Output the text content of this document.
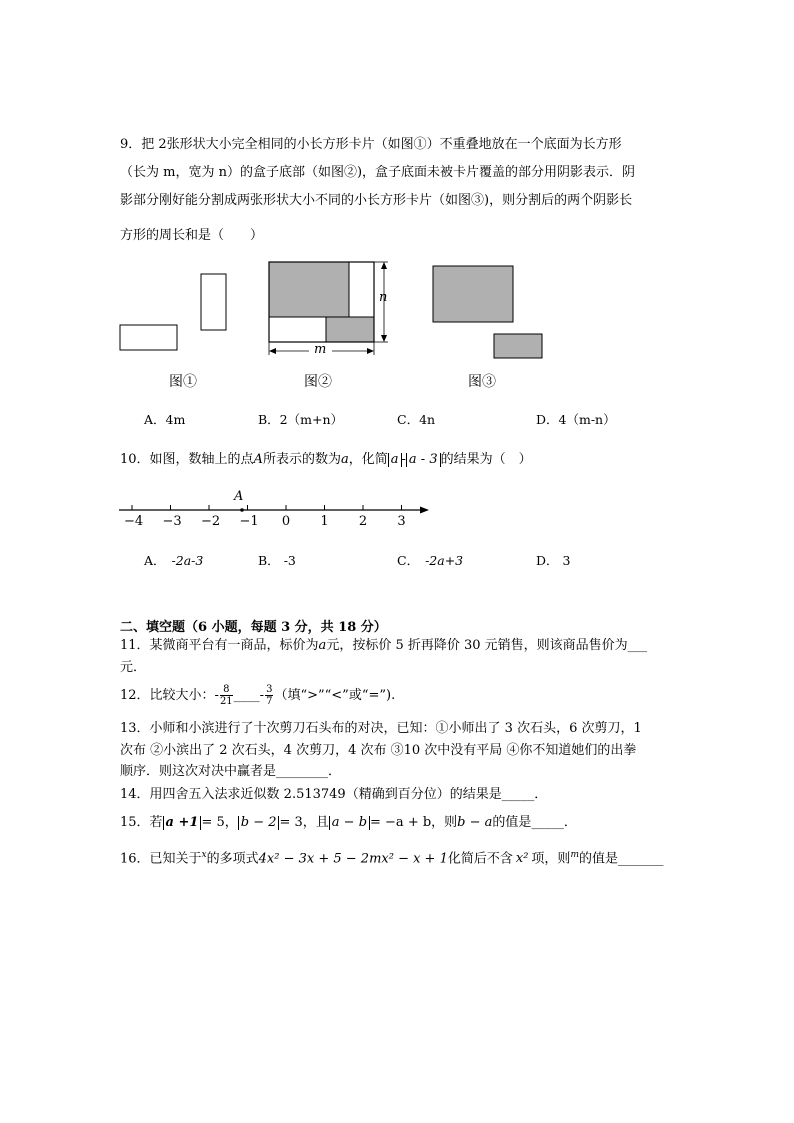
9．把 2张形状大小完全相同的小长方形卡片（如图①）不重叠地放在一个底面为长方形
（长为 m，宽为 n）的盒子底部（如图②)，盒子底面未被卡片覆盖的部分用阴影表示．阴
影部分刚好能分割成两张形状大小不同的小长方形卡片（如图③)，则分割后的两个阴影长
方形的周长和是（　　）
n
m
图①	图②	图③
A．4m	B．2（m+n）	C．4n	D．4（m-n）
10．如图，数轴上的点A所表示的数为a，化简 a - a - 3 的结果为（　）
A
−4 −3 −2 −1 0 1 2 3
A． -2a-3	B． -3	C． -2a+3	D． 3
二、填空题（6 小题，每题 3 分，共 18 分）
11．某微商平台有一商品，标价为a元，按标价 5 折再降价 30 元销售，则该商品售价为___
元．
12．比较大小：- $\frac{8}{21}$ ____- $\frac{3}{7}$ （填“>”“<”或“=”).
13．小师和小滨进行了十次剪刀石头布的对决，已知：①小师出了 3 次石头，6 次剪刀，1
次布 ②小滨出了 2 次石头，4 次剪刀，4 次布 ③10 次中没有平局 ④你不知道她们的出拳
顺序．则这次对决中赢者是________．
14．用四舍五入法求近似数 2.513749（精确到百分位）的结果是_____．
15．若 a +1 = 5， b − 2 = 3，且 a − b = −a + b，则b − a的值是_____．
16．已知关于$^x$的多项式4x² − 3x + 5 − 2mx² − x + 1化简后不含 x² 项，则$^m$的值是_______
